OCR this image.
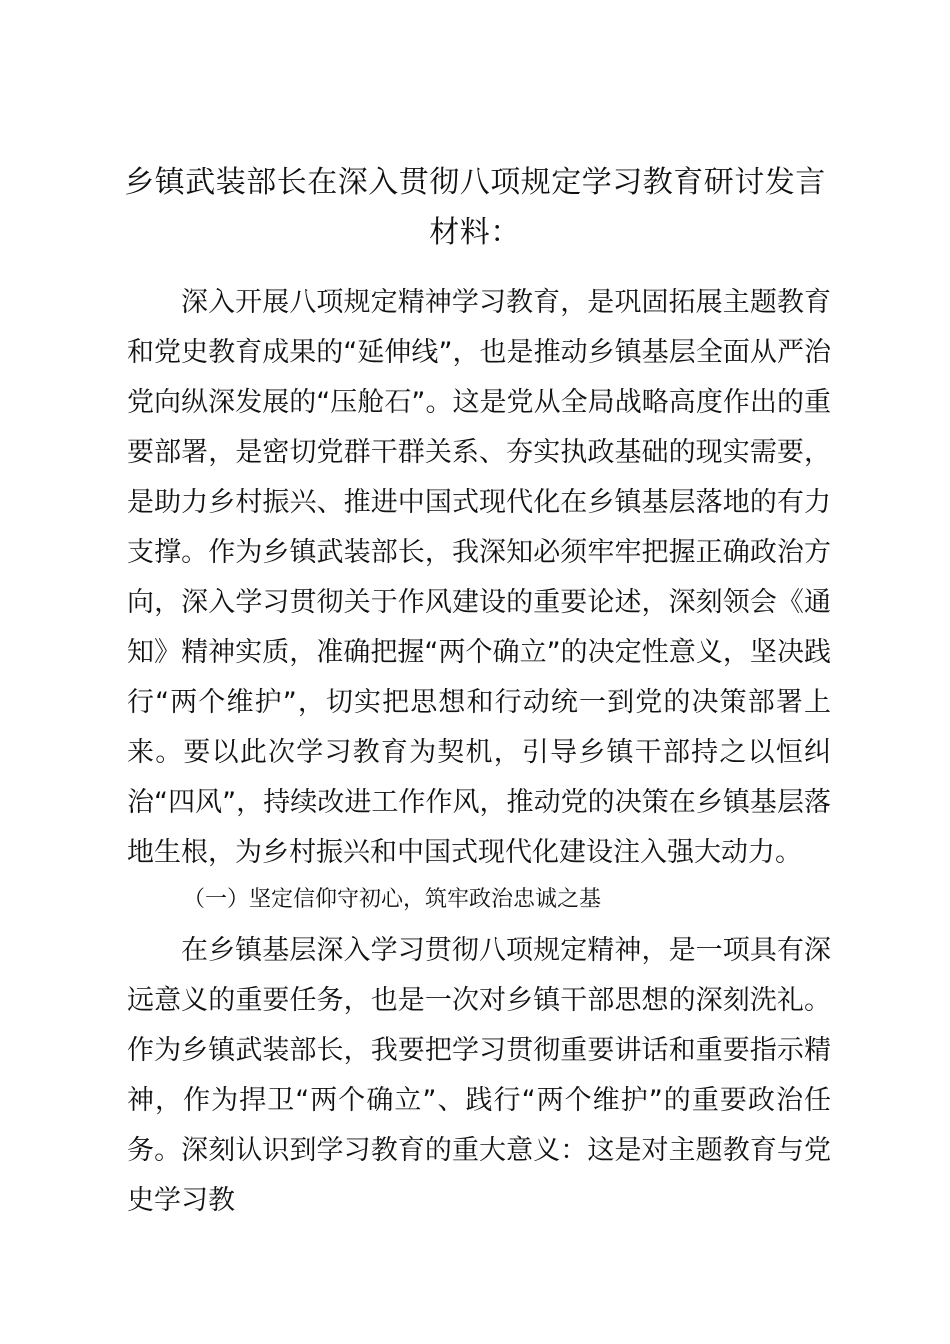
乡镇武装部长在深入贯彻八项规定学习教育研讨发言材料：

深入开展八项规定精神学习教育，是巩固拓展主题教育和党史教育成果的“延伸线”，也是推动乡镇基层全面从严治党向纵深发展的“压舱石”。这是党从全局战略高度作出的重要部署，是密切党群干群关系、夯实执政基础的现实需要，是助力乡村振兴、推进中国式现代化在乡镇基层落地的有力支撑。作为乡镇武装部长，我深知必须牢牢把握正确政治方向，深入学习贯彻关于作风建设的重要论述，深刻领会《通知》精神实质，准确把握“两个确立”的决定性意义，坚决践行“两个维护”，切实把思想和行动统一到党的决策部署上来。要以此次学习教育为契机，引导乡镇干部持之以恒纠治“四风”，持续改进工作作风，推动党的决策在乡镇基层落地生根，为乡村振兴和中国式现代化建设注入强大动力。

（一）坚定信仰守初心，筑牢政治忠诚之基

在乡镇基层深入学习贯彻八项规定精神，是一项具有深远意义的重要任务，也是一次对乡镇干部思想的深刻洗礼。作为乡镇武装部长，我要把学习贯彻重要讲话和重要指示精神，作为捍卫“两个确立”、践行“两个维护”的重要政治任务。深刻认识到学习教育的重大意义：这是对主题教育与党史学习教
